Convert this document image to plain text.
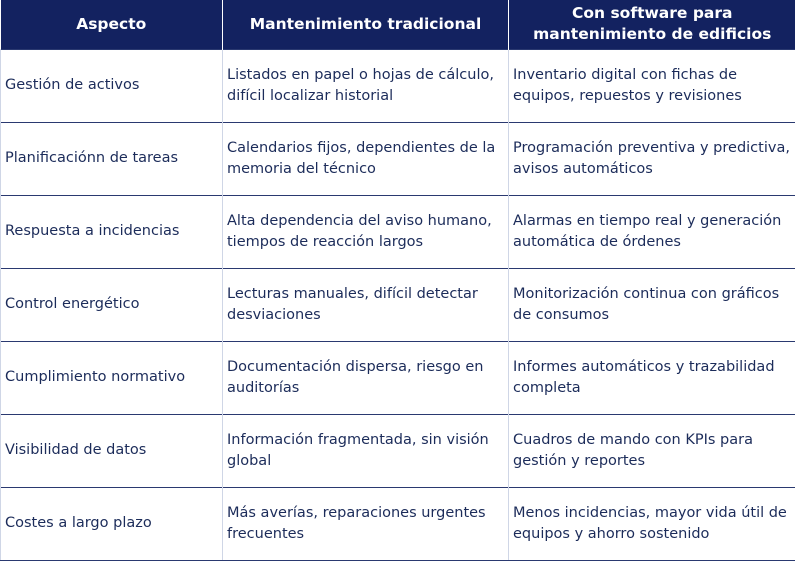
Aspecto	Mantenimiento tradicional	Con software para mantenimiento de edificios
Gestión de activos	Listados en papel o hojas de cálculo, difícil localizar historial	Inventario digital con fichas de equipos, repuestos y revisiones
Planificaciónn de tareas	Calendarios fijos, dependientes de la memoria del técnico	Programación preventiva y predictiva, avisos automáticos
Respuesta a incidencias	Alta dependencia del aviso humano, tiempos de reacción largos	Alarmas en tiempo real y generación automática de órdenes
Control energético	Lecturas manuales, difícil detectar desviaciones	Monitorización continua con gráficos de consumos
Cumplimiento normativo	Documentación dispersa, riesgo en auditorías	Informes automáticos y trazabilidad completa
Visibilidad de datos	Información fragmentada, sin visión global	Cuadros de mando con KPIs para gestión y reportes
Costes a largo plazo	Más averías, reparaciones urgentes frecuentes	Menos incidencias, mayor vida útil de equipos y ahorro sostenido
